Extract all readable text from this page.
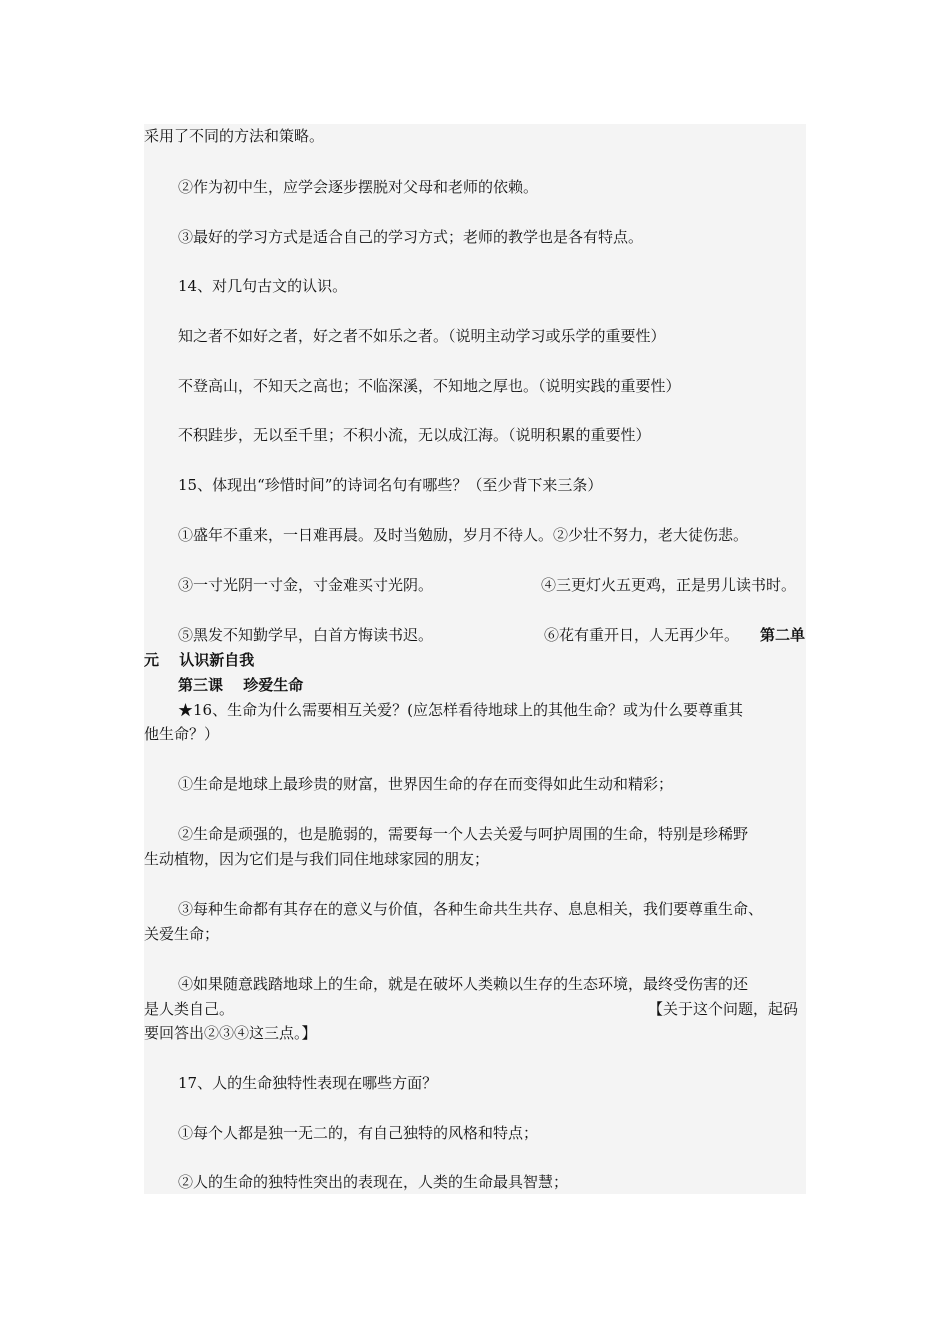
采用了不同的方法和策略。
②作为初中生，应学会逐步摆脱对父母和老师的依赖。
③最好的学习方式是适合自己的学习方式；老师的教学也是各有特点。
14、对几句古文的认识。
知之者不如好之者，好之者不如乐之者。（说明主动学习或乐学的重要性）
不登高山，不知天之高也；不临深溪，不知地之厚也。（说明实践的重要性）
不积跬步，无以至千里；不积小流，无以成江海。（说明积累的重要性）
15、体现出“珍惜时间”的诗词名句有哪些？（至少背下来三条）
①盛年不重来，一日难再晨。及时当勉励，岁月不待人。②少壮不努力，老大徒伤悲。
③一寸光阴一寸金，寸金难买寸光阴。	④三更灯火五更鸡，正是男儿读书时。
⑤黑发不知勤学早，白首方悔读书迟。	⑥花有重开日，人无再少年。 第二单
元　 认识新自我
第三课　 珍爱生命
★16、生命为什么需要相互关爱？(应怎样看待地球上的其他生命？或为什么要尊重其
他生命？）
①生命是地球上最珍贵的财富，世界因生命的存在而变得如此生动和精彩；
②生命是顽强的，也是脆弱的，需要每一个人去关爱与呵护周围的生命，特别是珍稀野
生动植物，因为它们是与我们同住地球家园的朋友；
③每种生命都有其存在的意义与价值，各种生命共生共存、息息相关，我们要尊重生命、
关爱生命；
④如果随意践踏地球上的生命，就是在破坏人类赖以生存的生态环境，最终受伤害的还
是人类自己。	【关于这个问题，起码
要回答出②③④这三点。】
17、人的生命独特性表现在哪些方面？
①每个人都是独一无二的，有自己独特的风格和特点；
②人的生命的独特性突出的表现在，人类的生命最具智慧；
